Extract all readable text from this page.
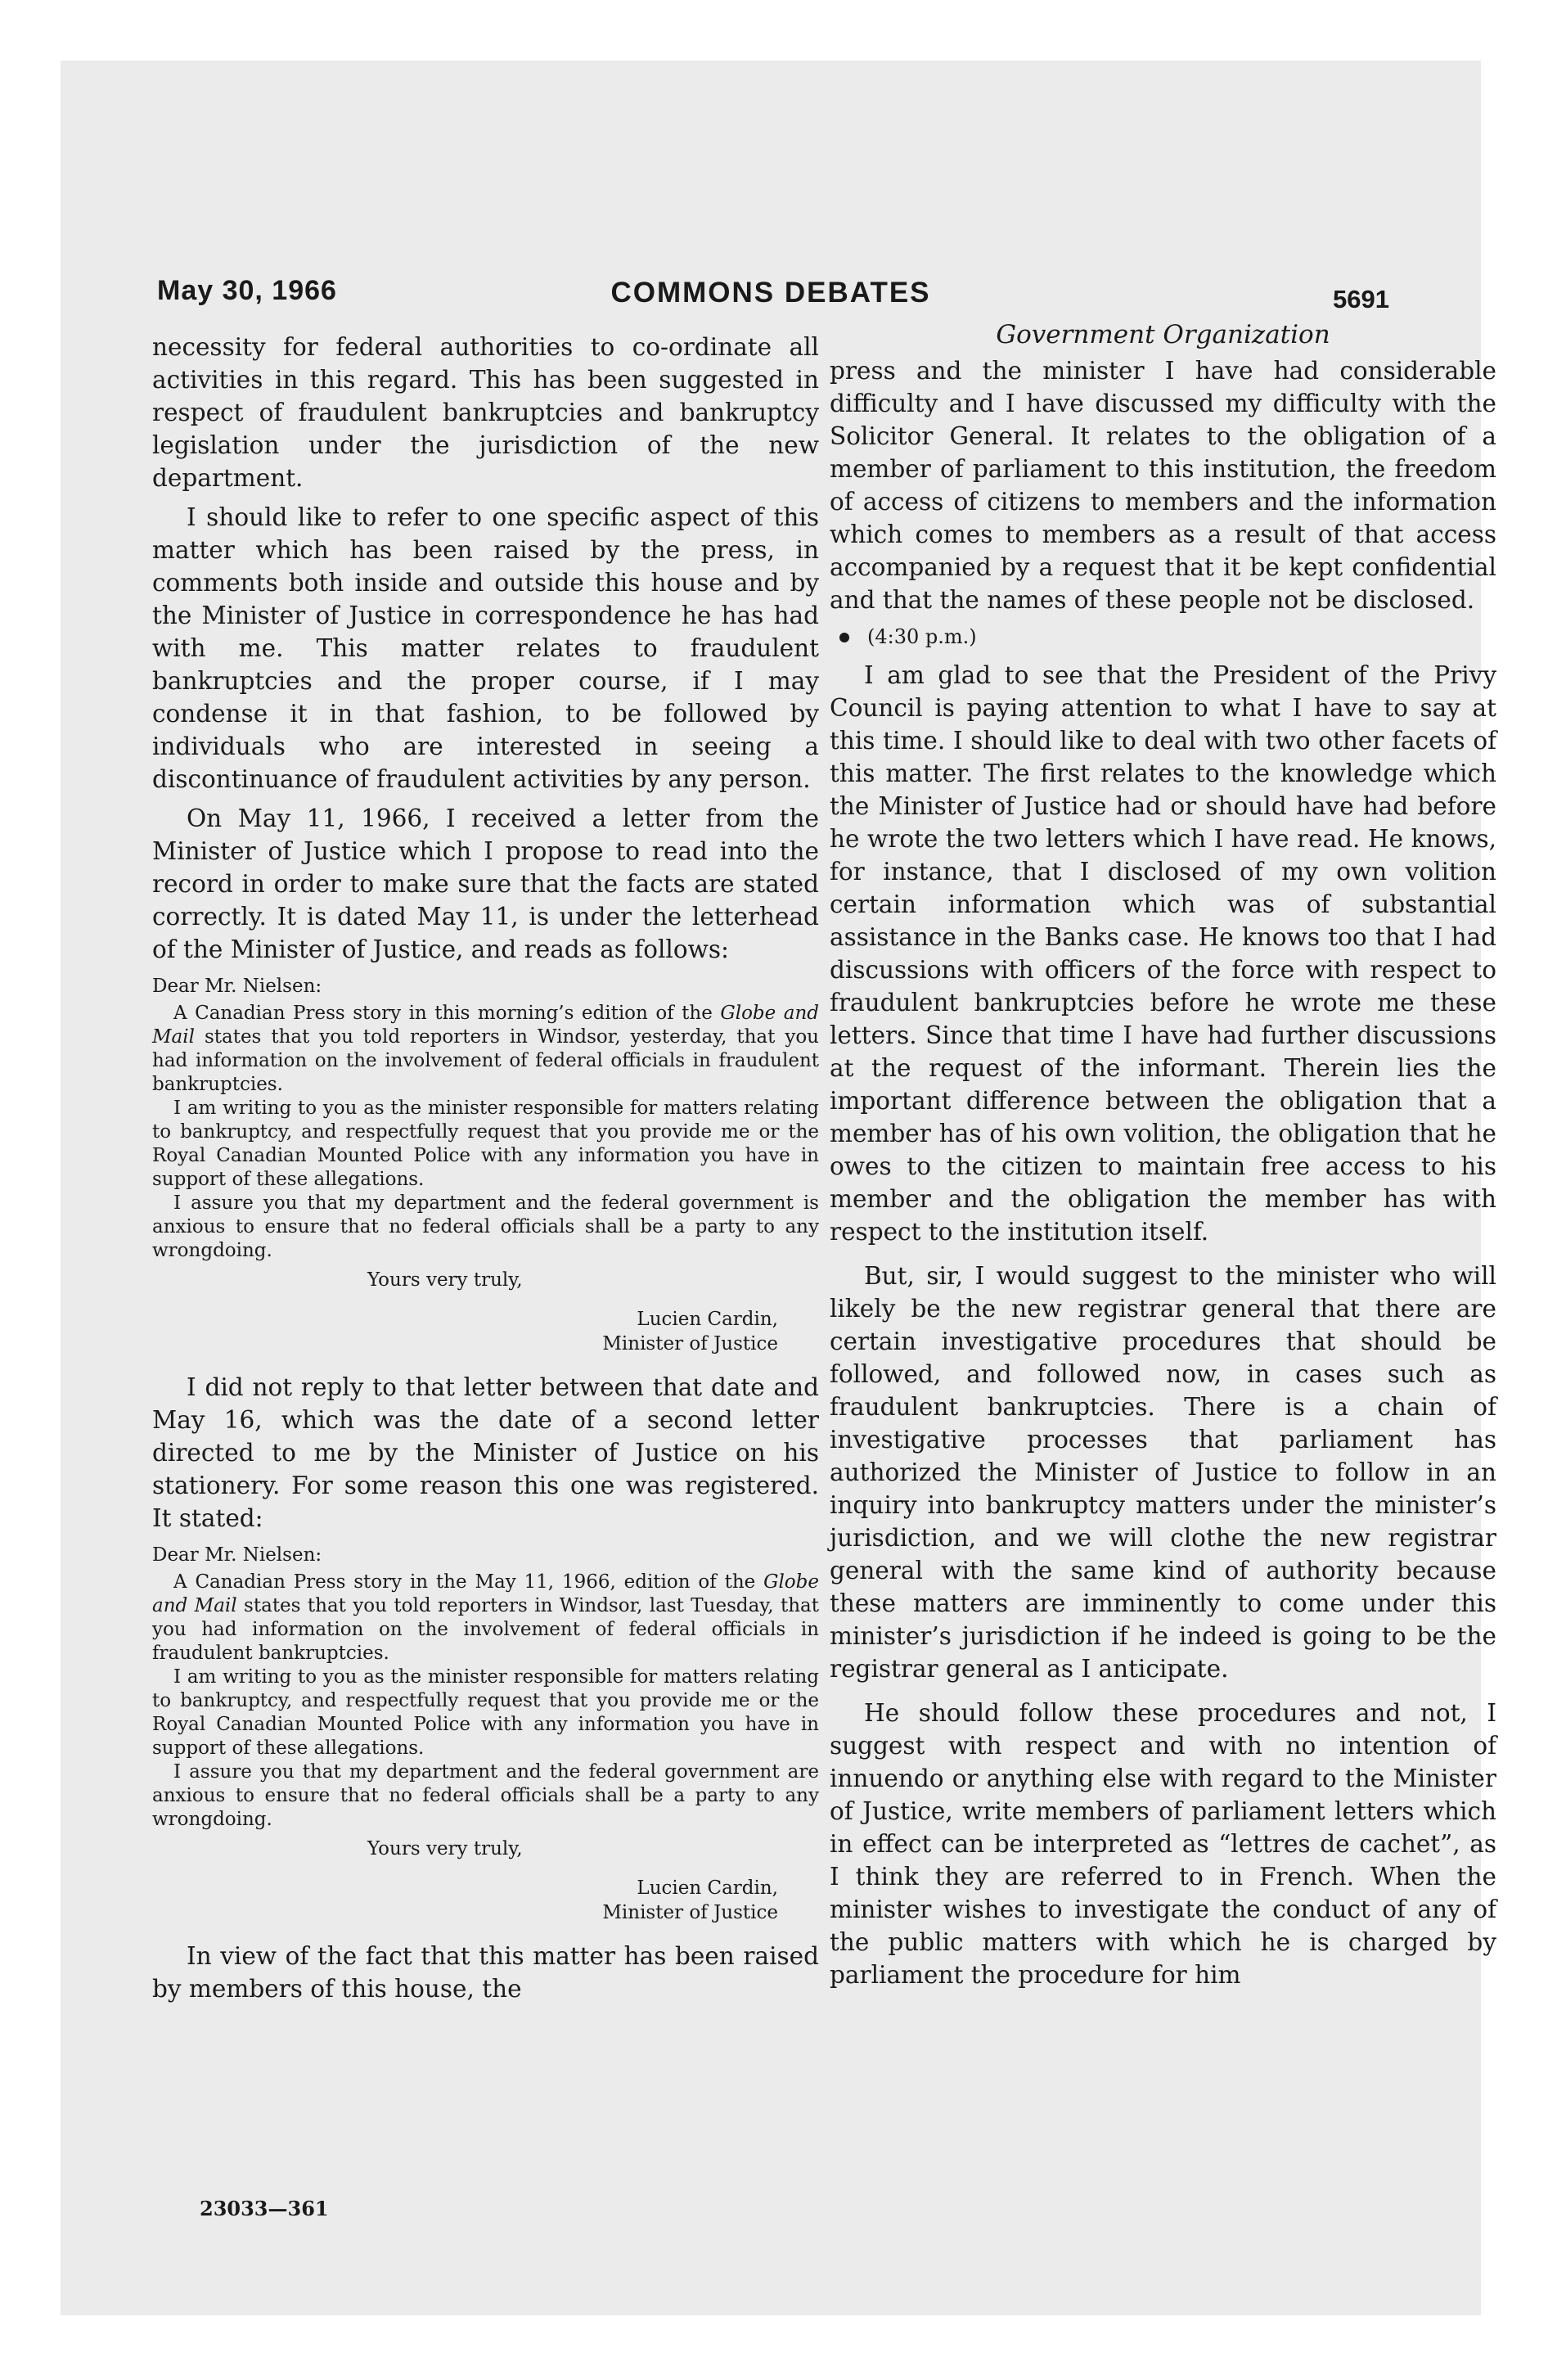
May 30, 1966	COMMONS DEBATES	5691

necessity for federal authorities to co-ordinate all activities in this regard. This has been suggested in respect of fraudulent bankruptcies and bankruptcy legislation under the jurisdiction of the new department.

I should like to refer to one specific aspect of this matter which has been raised by the press, in comments both inside and outside this house and by the Minister of Justice in correspondence he has had with me. This matter relates to fraudulent bankruptcies and the proper course, if I may condense it in that fashion, to be followed by individuals who are interested in seeing a discontinuance of fraudulent activities by any person.

On May 11, 1966, I received a letter from the Minister of Justice which I propose to read into the record in order to make sure that the facts are stated correctly. It is dated May 11, is under the letterhead of the Minister of Justice, and reads as follows:

Dear Mr. Nielsen:

A Canadian Press story in this morning’s edition of the Globe and Mail states that you told reporters in Windsor, yesterday, that you had information on the involvement of federal officials in fraudulent bankruptcies.

I am writing to you as the minister responsible for matters relating to bankruptcy, and respectfully request that you provide me or the Royal Canadian Mounted Police with any information you have in support of these allegations.

I assure you that my department and the federal government is anxious to ensure that no federal officials shall be a party to any wrongdoing.

Yours very truly,

Lucien Cardin,

Minister of Justice

I did not reply to that letter between that date and May 16, which was the date of a second letter directed to me by the Minister of Justice on his stationery. For some reason this one was registered. It stated:

Dear Mr. Nielsen:

A Canadian Press story in the May 11, 1966, edition of the Globe and Mail states that you told reporters in Windsor, last Tuesday, that you had information on the involvement of federal officials in fraudulent bankruptcies.

I am writing to you as the minister responsible for matters relating to bankruptcy, and respectfully request that you provide me or the Royal Canadian Mounted Police with any information you have in support of these allegations.

I assure you that my department and the federal government are anxious to ensure that no federal officials shall be a party to any wrongdoing.

Yours very truly,

Lucien Cardin,

Minister of Justice

In view of the fact that this matter has been raised by members of this house, the

Government Organization

press and the minister I have had considerable difficulty and I have discussed my difficulty with the Solicitor General. It relates to the obligation of a member of parliament to this institution, the freedom of access of citizens to members and the information which comes to members as a result of that access accompanied by a request that it be kept confidential and that the names of these people not be disclosed.

(4:30 p.m.)

I am glad to see that the President of the Privy Council is paying attention to what I have to say at this time. I should like to deal with two other facets of this matter. The first relates to the knowledge which the Minister of Justice had or should have had before he wrote the two letters which I have read. He knows, for instance, that I disclosed of my own volition certain information which was of substantial assistance in the Banks case. He knows too that I had discussions with officers of the force with respect to fraudulent bankruptcies before he wrote me these letters. Since that time I have had further discussions at the request of the informant. Therein lies the important difference between the obligation that a member has of his own volition, the obligation that he owes to the citizen to maintain free access to his member and the obligation the member has with respect to the institution itself.

But, sir, I would suggest to the minister who will likely be the new registrar general that there are certain investigative procedures that should be followed, and followed now, in cases such as fraudulent bankruptcies. There is a chain of investigative processes that parliament has authorized the Minister of Justice to follow in an inquiry into bankruptcy matters under the minister’s jurisdiction, and we will clothe the new registrar general with the same kind of authority because these matters are imminently to come under this minister’s jurisdiction if he indeed is going to be the registrar general as I anticipate.

He should follow these procedures and not, I suggest with respect and with no intention of innuendo or anything else with regard to the Minister of Justice, write members of parliament letters which in effect can be interpreted as “lettres de cachet”, as I think they are referred to in French. When the minister wishes to investigate the conduct of any of the public matters with which he is charged by parliament the procedure for him

23033—361
